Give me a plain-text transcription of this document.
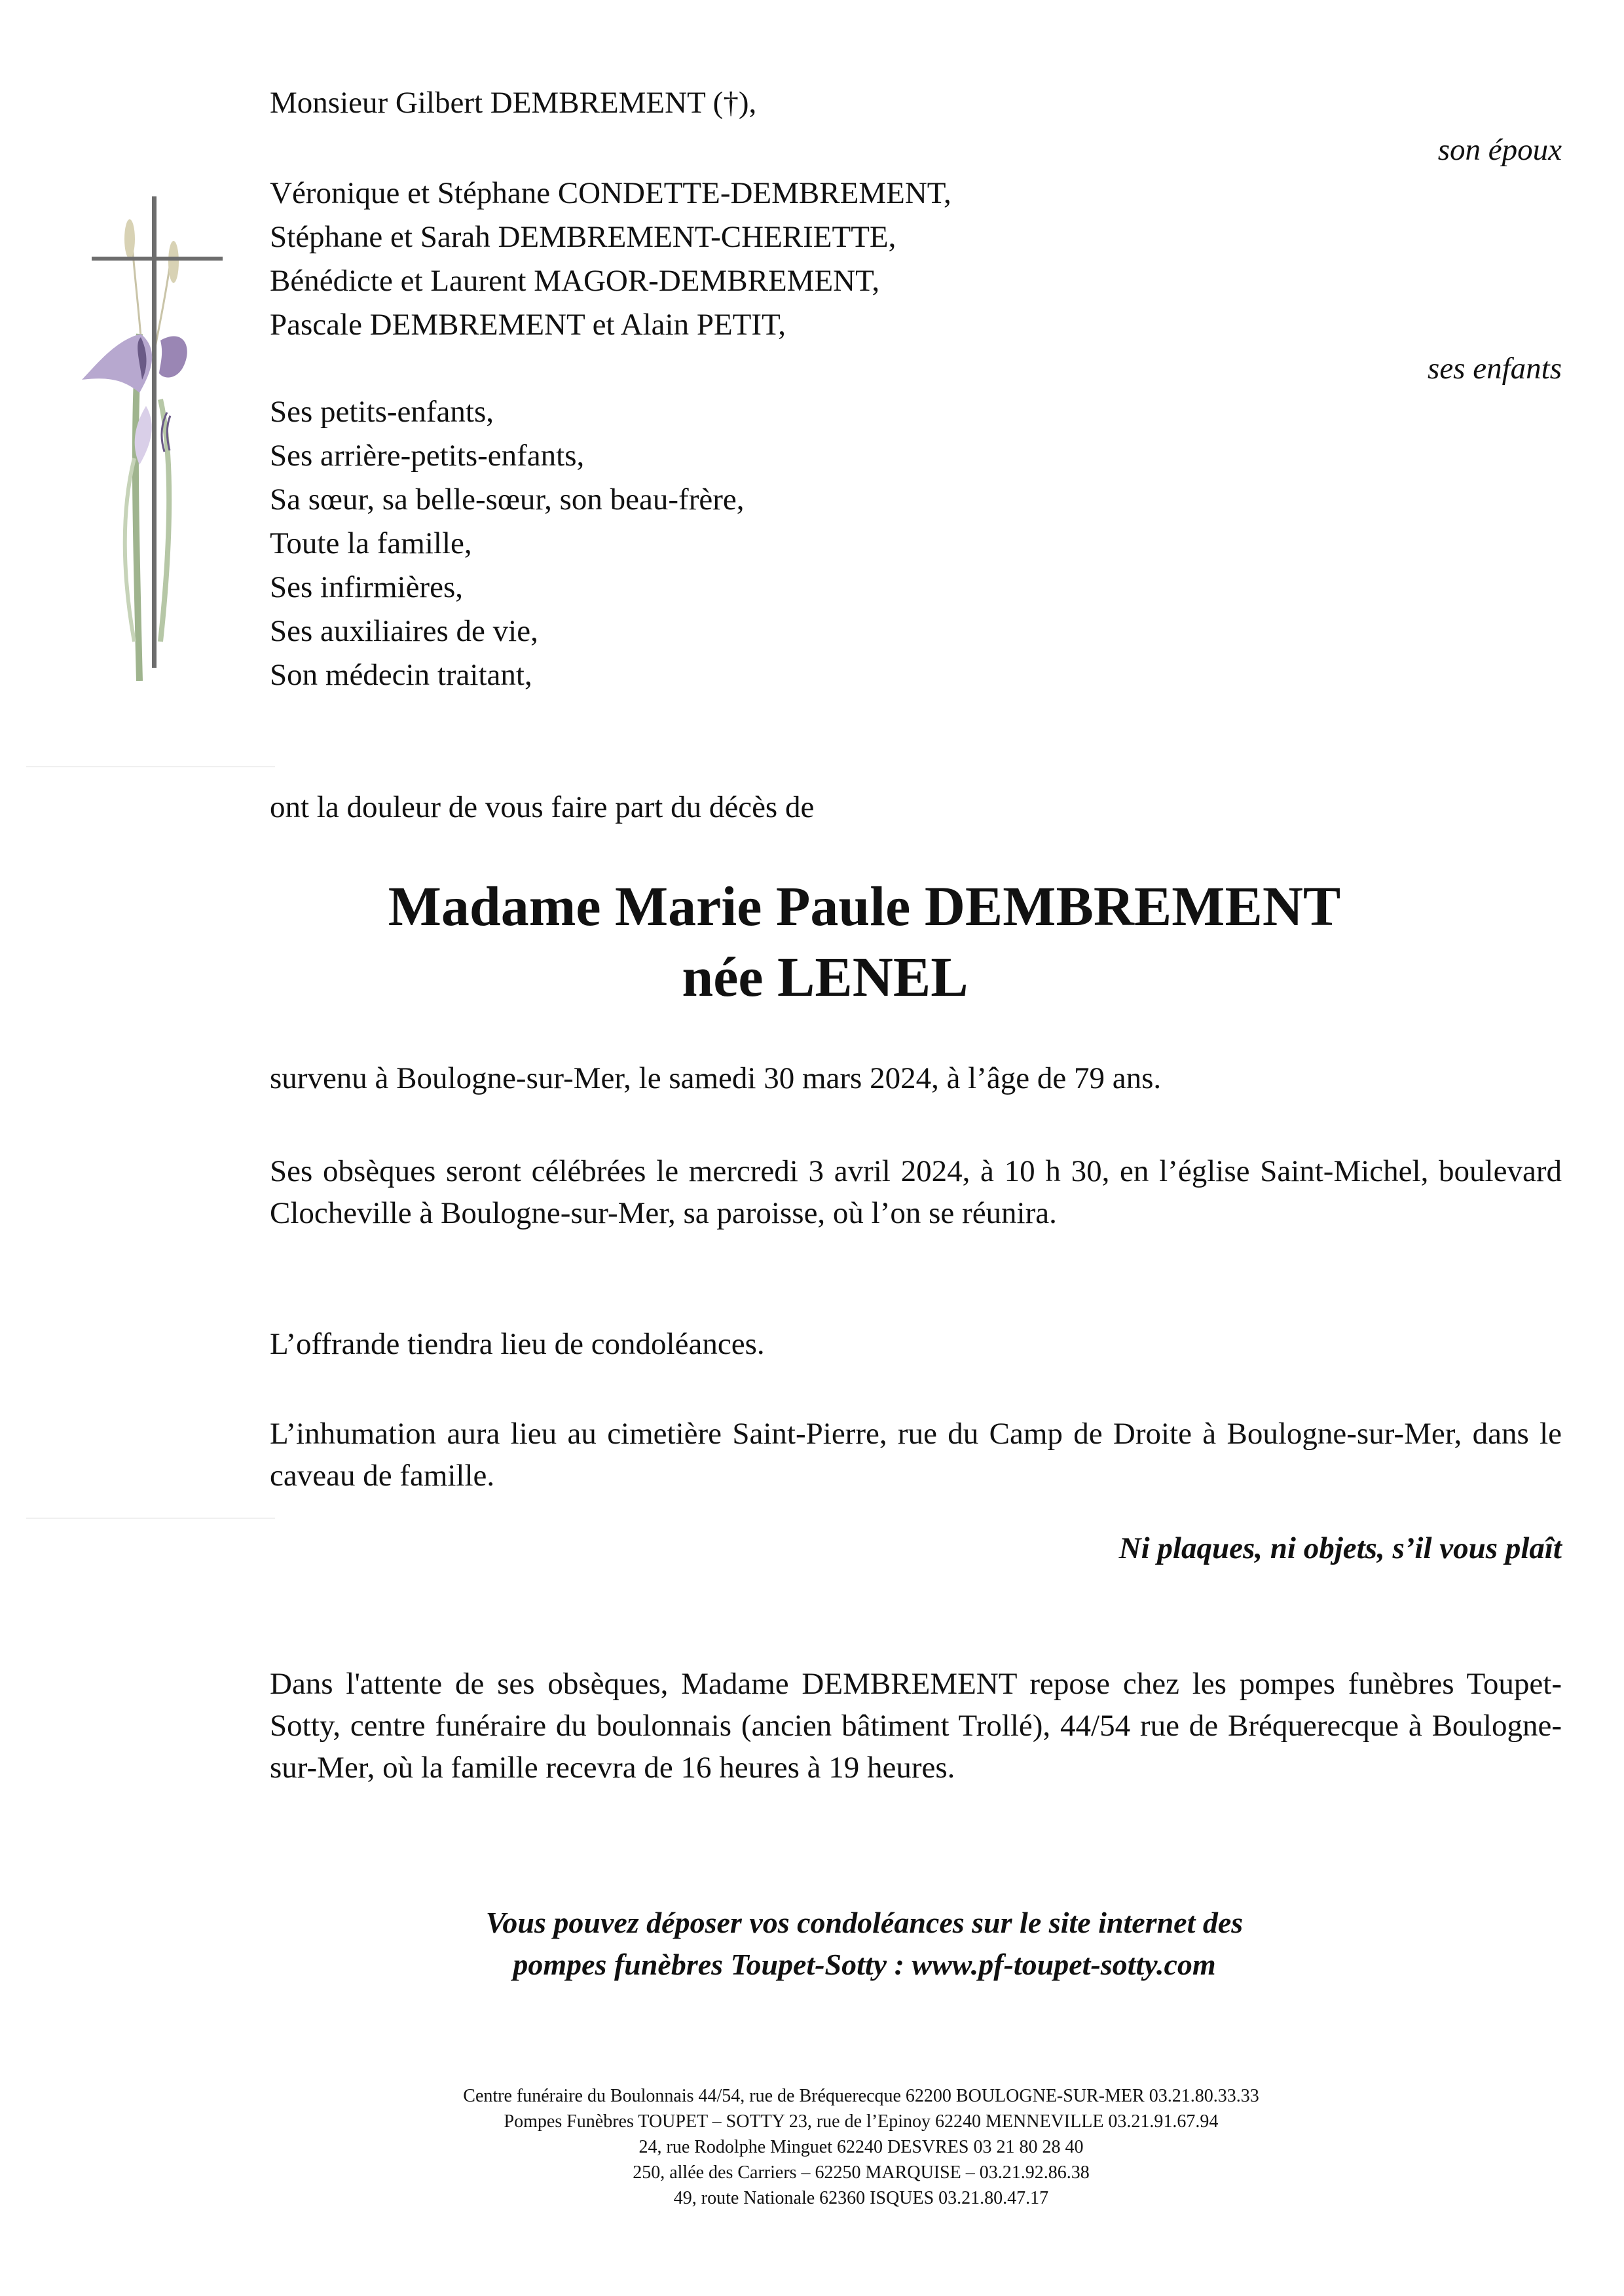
Monsieur Gilbert DEMBREMENT (†),
son époux
Véronique et Stéphane CONDETTE-DEMBREMENT,
Stéphane et Sarah DEMBREMENT-CHERIETTE,
Bénédicte et Laurent MAGOR-DEMBREMENT,
Pascale DEMBREMENT et Alain PETIT,
ses enfants
Ses petits-enfants,
Ses arrière-petits-enfants,
Sa sœur, sa belle-sœur, son beau-frère,
Toute la famille,
Ses infirmières,
Ses auxiliaires de vie,
Son médecin traitant,
ont la douleur de vous faire part du décès de
Madame Marie Paule DEMBREMENT
née LENEL
survenu à Boulogne-sur-Mer, le samedi 30 mars 2024, à l’âge de 79 ans.
Ses obsèques seront célébrées le mercredi 3 avril 2024, à 10 h 30, en l’église Saint-Michel, boulevard Clocheville à Boulogne-sur-Mer, sa paroisse, où l’on se réunira.
L’offrande tiendra lieu de condoléances.
L’inhumation aura lieu au cimetière Saint-Pierre, rue du Camp de Droite à Boulogne-sur-Mer, dans le caveau de famille.
Ni plaques, ni objets, s’il vous plaît
Dans l'attente de ses obsèques, Madame DEMBREMENT repose chez les pompes funèbres Toupet-Sotty, centre funéraire du boulonnais (ancien bâtiment Trollé), 44/54 rue de Bréquerecque à Boulogne-sur-Mer, où la famille recevra de 16 heures à 19 heures.
Vous pouvez déposer vos condoléances sur le site internet des
pompes funèbres Toupet-Sotty : www.pf-toupet-sotty.com
Centre funéraire du Boulonnais 44/54, rue de Bréquerecque 62200 BOULOGNE-SUR-MER 03.21.80.33.33
Pompes Funèbres TOUPET – SOTTY 23, rue de l’Epinoy 62240 MENNEVILLE 03.21.91.67.94
24, rue Rodolphe Minguet 62240 DESVRES 03 21 80 28 40
250, allée des Carriers – 62250 MARQUISE – 03.21.92.86.38
49, route Nationale 62360 ISQUES 03.21.80.47.17
